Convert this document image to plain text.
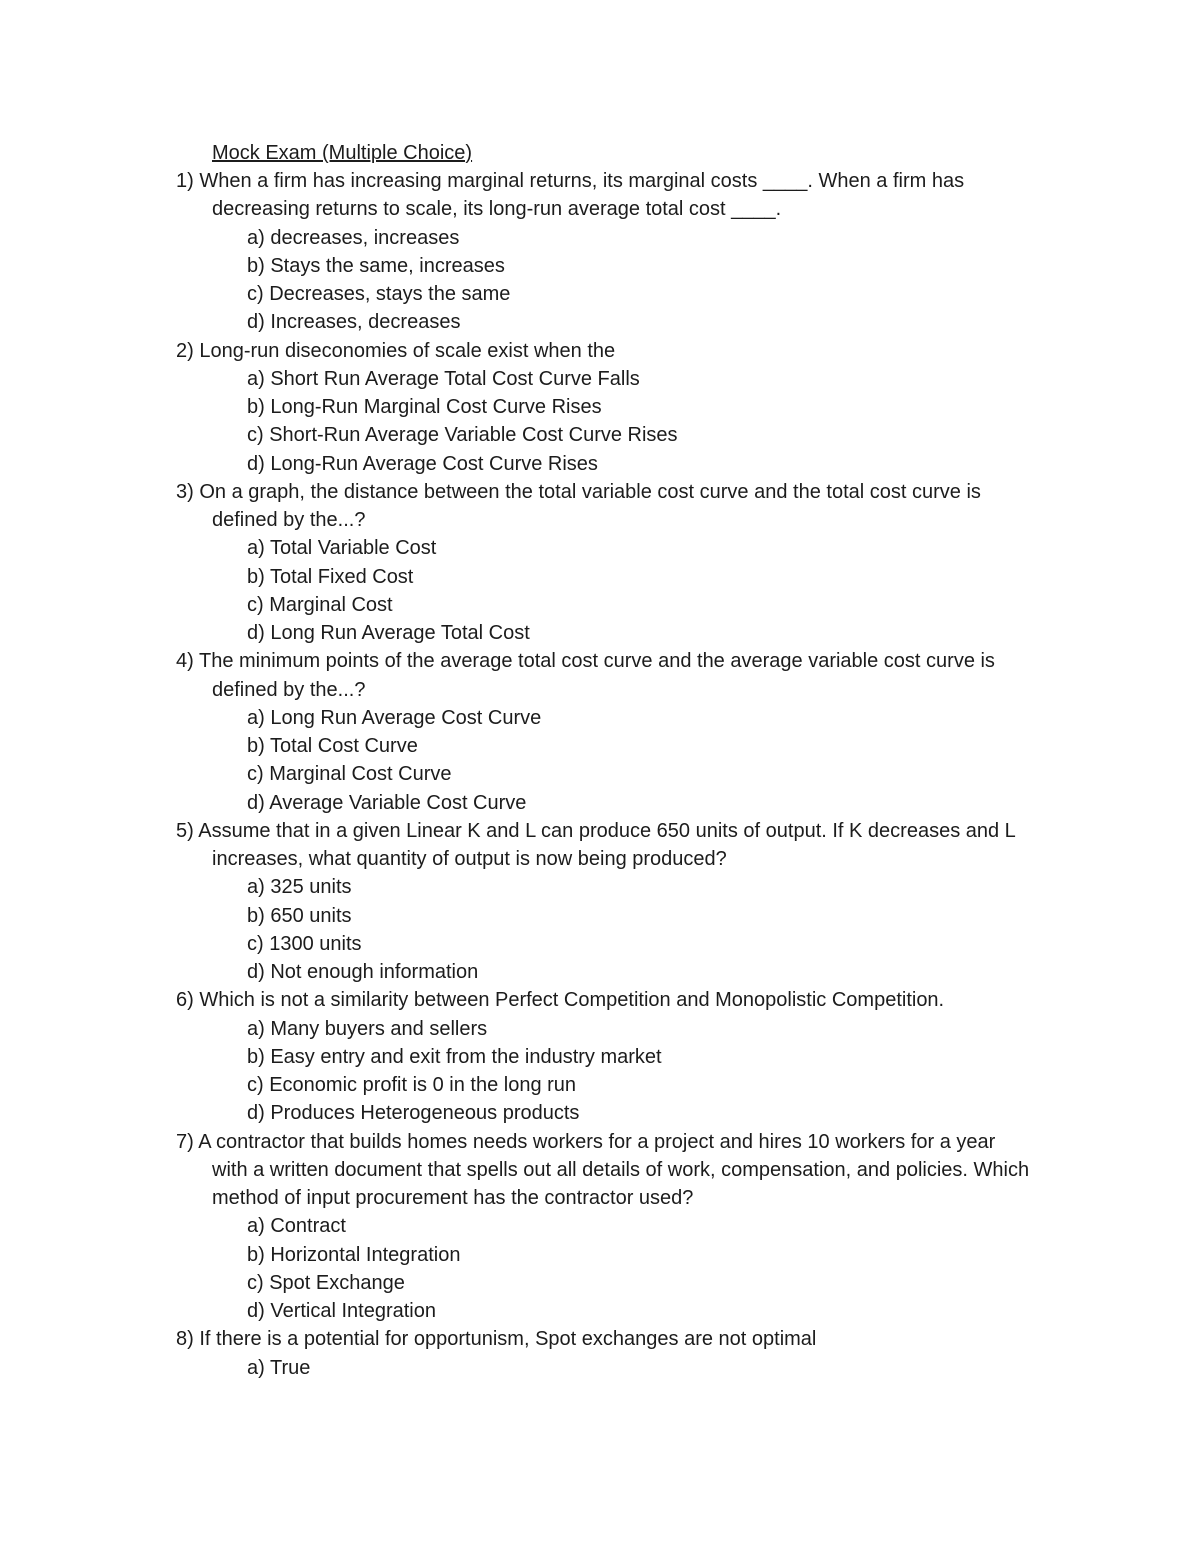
Mock Exam (Multiple Choice)
1) When a firm has increasing marginal returns, its marginal costs ____. When a firm has
decreasing returns to scale, its long-run average total cost ____.
a) decreases, increases
b) Stays the same, increases
c) Decreases, stays the same
d) Increases, decreases
2) Long-run diseconomies of scale exist when the
a) Short Run Average Total Cost Curve Falls
b) Long-Run Marginal Cost Curve Rises
c) Short-Run Average Variable Cost Curve Rises
d) Long-Run Average Cost Curve Rises
3) On a graph, the distance between the total variable cost curve and the total cost curve is
defined by the...?
a) Total Variable Cost
b) Total Fixed Cost
c) Marginal Cost
d) Long Run Average Total Cost
4) The minimum points of the average total cost curve and the average variable cost curve is
defined by the...?
a) Long Run Average Cost Curve
b) Total Cost Curve
c) Marginal Cost Curve
d) Average Variable Cost Curve
5) Assume that in a given Linear K and L can produce 650 units of output. If K decreases and L
increases, what quantity of output is now being produced?
a) 325 units
b) 650 units
c) 1300 units
d) Not enough information
6) Which is not a similarity between Perfect Competition and Monopolistic Competition.
a) Many buyers and sellers
b) Easy entry and exit from the industry market
c) Economic profit is 0 in the long run
d) Produces Heterogeneous products
7) A contractor that builds homes needs workers for a project and hires 10 workers for a year
with a written document that spells out all details of work, compensation, and policies. Which
method of input procurement has the contractor used?
a) Contract
b) Horizontal Integration
c) Spot Exchange
d) Vertical Integration
8) If there is a potential for opportunism, Spot exchanges are not optimal
a) True
